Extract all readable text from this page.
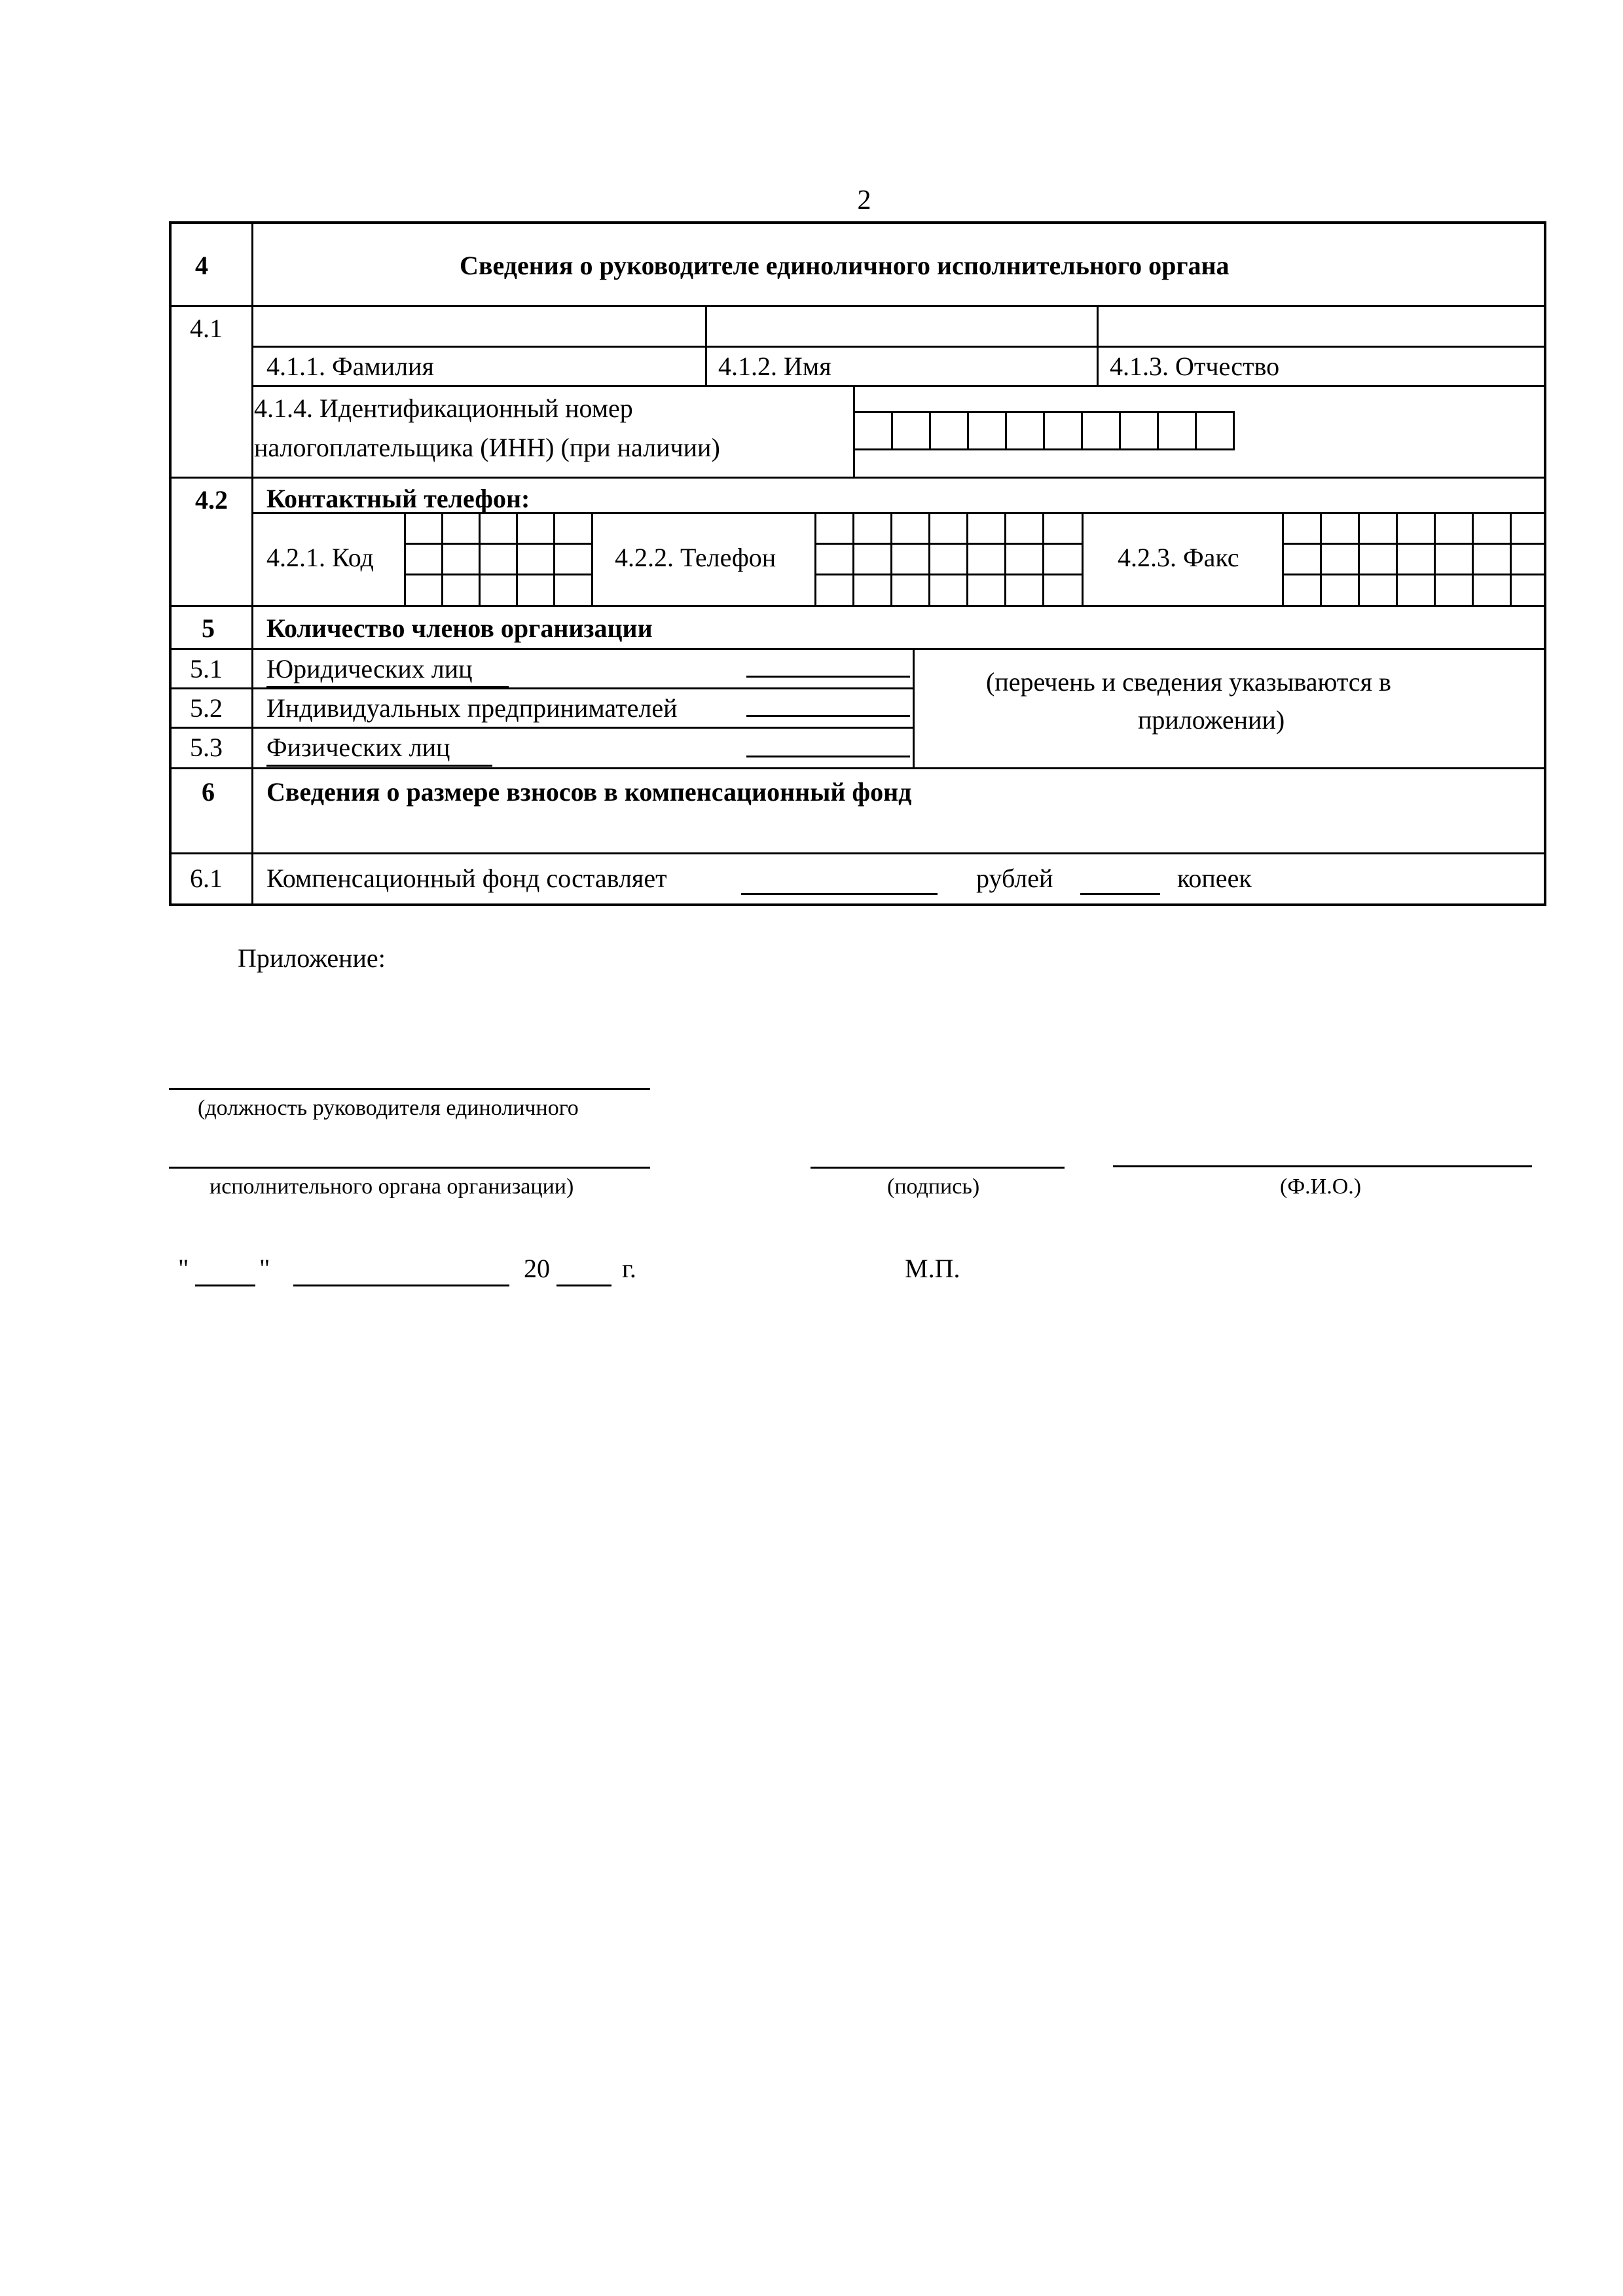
2
4	Сведения о руководителе единоличного исполнительного органа
4.1
4.1.1. Фамилия	4.1.2. Имя	4.1.3. Отчество
4.1.4. Идентификационный номер
налогоплательщика (ИНН) (при наличии)
4.2 Контактный телефон:
4.2.1. Код	4.2.2. Телефон	4.2.3. Факс
5 Количество членов организации
5.1 Юридических лиц
5.2 Индивидуальных предпринимателей
5.3 Физических лиц
(перечень и сведения указываются в
приложении)
6 Сведения о размере взносов в компенсационный фонд
6.1 Компенсационный фонд составляет	рублей	копеек
Приложение:
(должность руководителя единоличного
исполнительного органа организации)	(подпись)	(Ф.И.О.)
"	"	20	г.	М.П.
